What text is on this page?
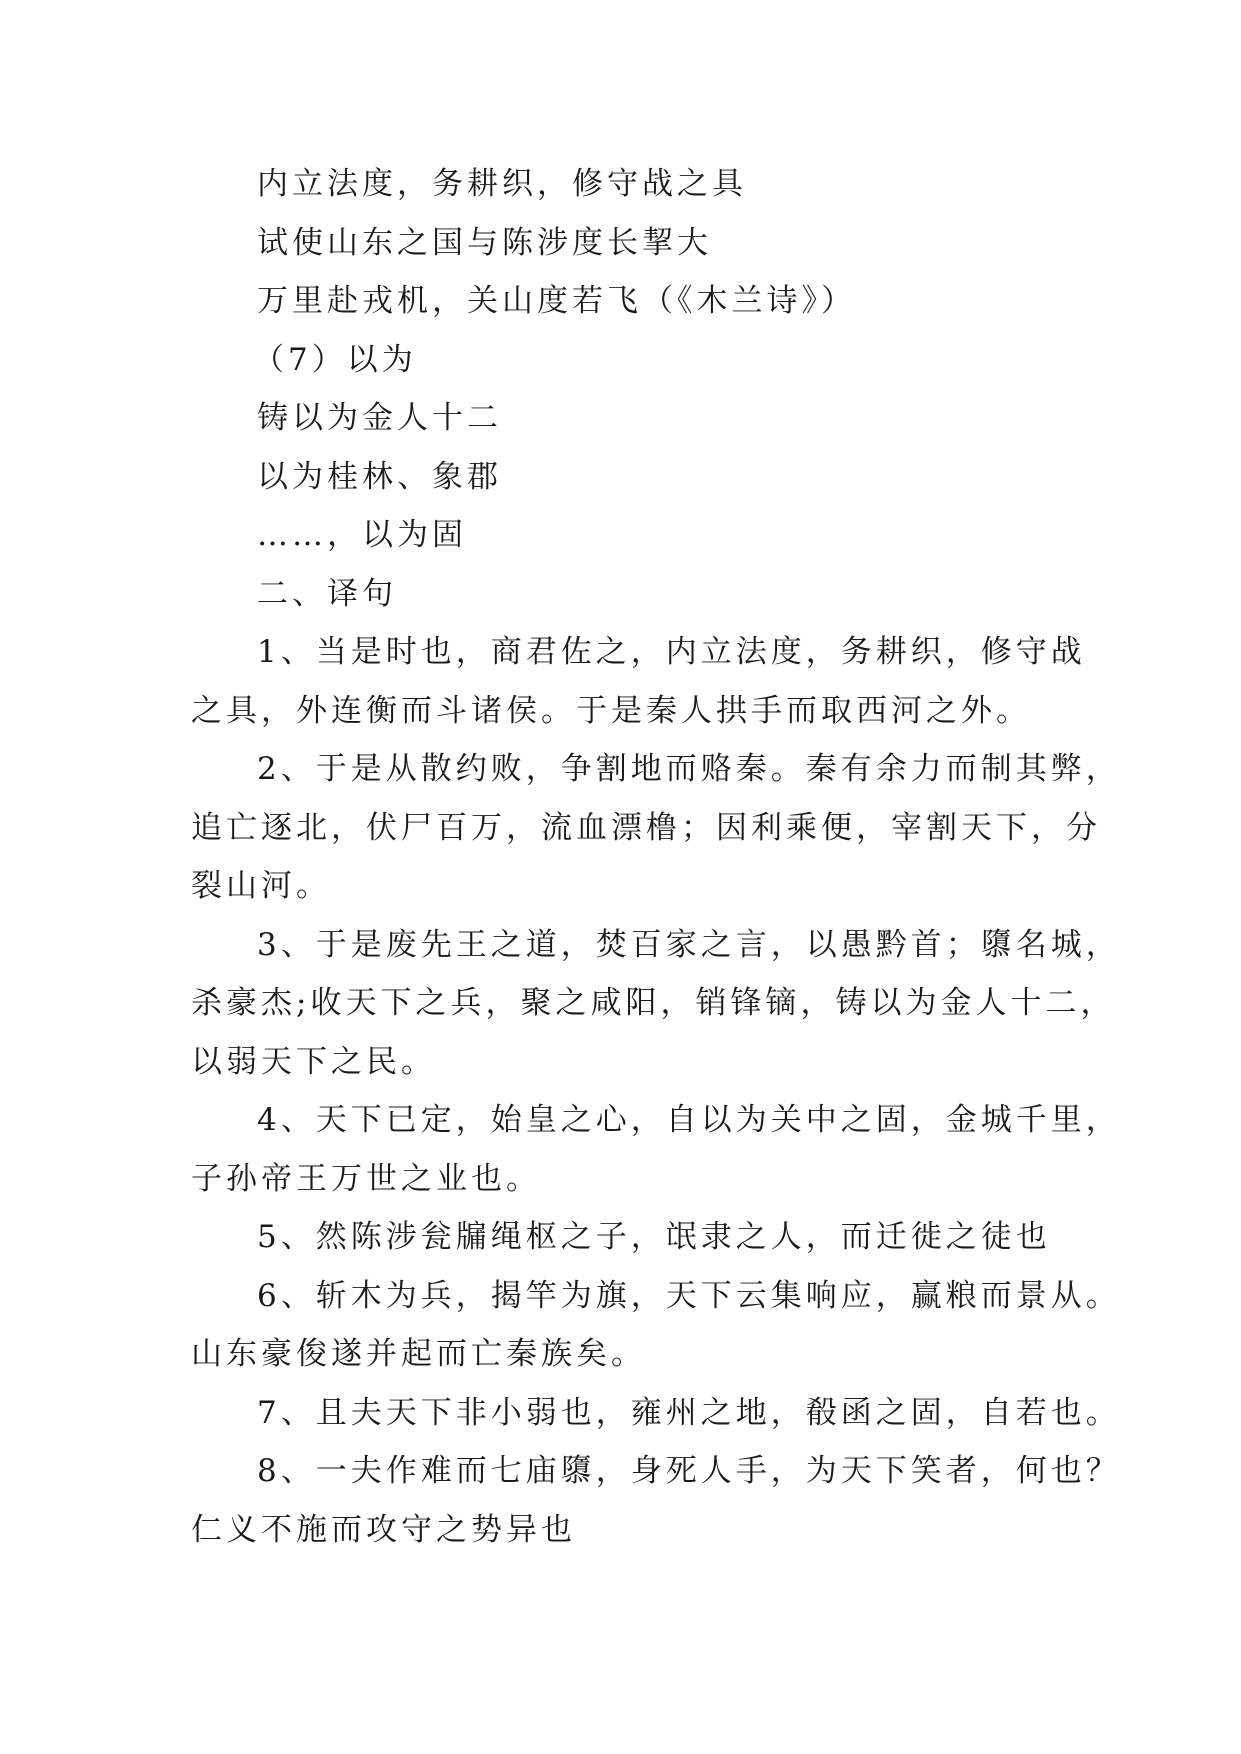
内立法度，务耕织，修守战之具
试使山东之国与陈涉度长挈大
万里赴戎机，关山度若飞（《木兰诗》）
（7）以为
铸以为金人十二
以为桂林、象郡
……，以为固
二、译句
1、当是时也，商君佐之，内立法度，务耕织，修守战
之具，外连衡而斗诸侯。于是秦人拱手而取西河之外。
2、于是从散约败，争割地而赂秦。秦有余力而制其弊，
追亡逐北，伏尸百万，流血漂橹；因利乘便，宰割天下，分
裂山河。
3、于是废先王之道，焚百家之言，以愚黔首；隳名城，
杀豪杰;收天下之兵，聚之咸阳，销锋镝，铸以为金人十二，
以弱天下之民。
4、天下已定，始皇之心，自以为关中之固，金城千里，
子孙帝王万世之业也。
5、然陈涉瓮牖绳枢之子，氓隶之人，而迁徙之徒也
6、斩木为兵，揭竿为旗，天下云集响应，赢粮而景从。
山东豪俊遂并起而亡秦族矣。
7、且夫天下非小弱也，雍州之地，殽函之固，自若也。
8、一夫作难而七庙隳，身死人手，为天下笑者，何也？
仁义不施而攻守之势异也
